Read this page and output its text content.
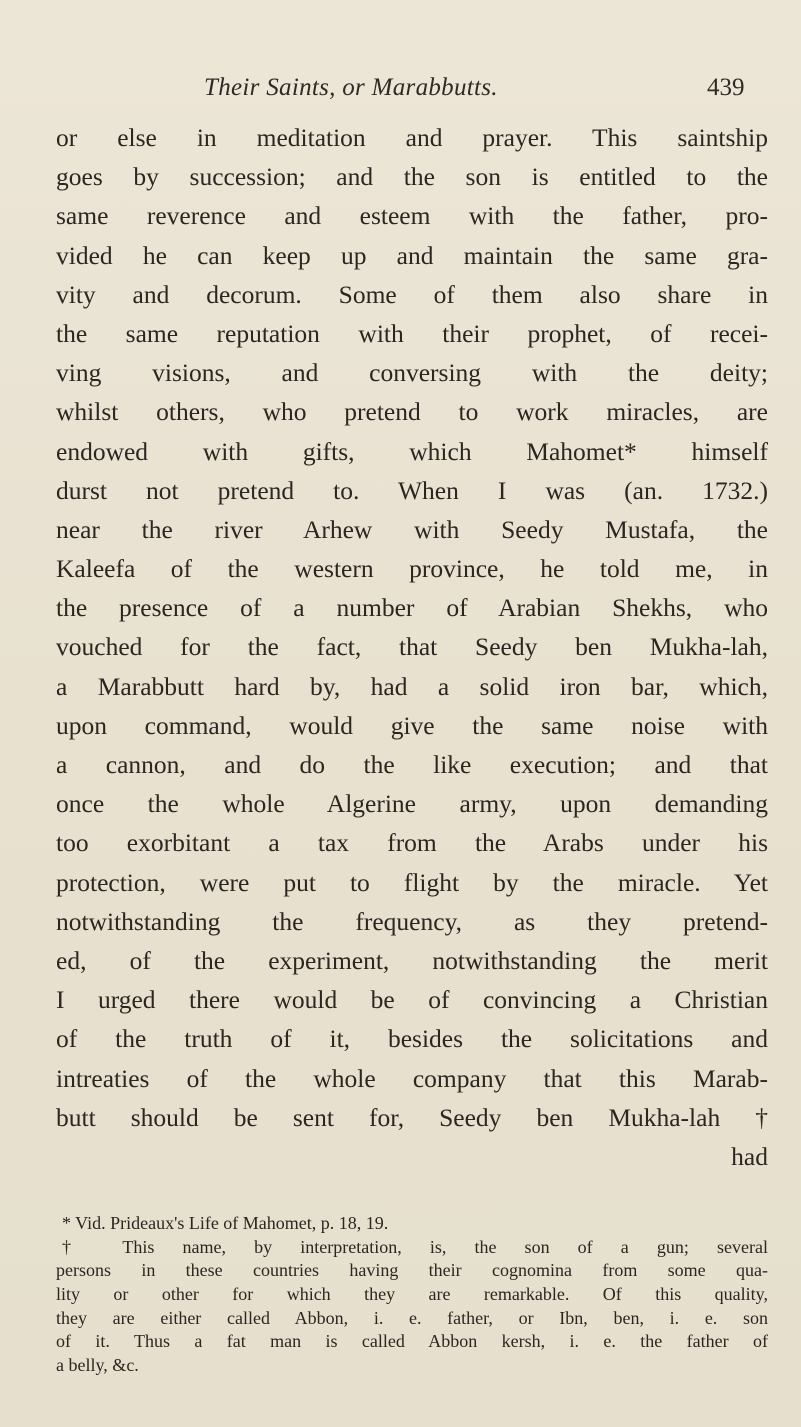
Their Saints, or Marabbutts.	439
or else in meditation and prayer. This saintship
goes by succession; and the son is entitled to the
same reverence and esteem with the father, pro-
vided he can keep up and maintain the same gra-
vity and decorum. Some of them also share in
the same reputation with their prophet, of recei-
ving visions, and conversing with the deity;
whilst others, who pretend to work miracles, are
endowed with gifts, which Mahomet* himself
durst not pretend to. When I was (an. 1732.)
near the river Arhew with Seedy Mustafa, the
Kaleefa of the western province, he told me, in
the presence of a number of Arabian Shekhs, who
vouched for the fact, that Seedy ben Mukha-lah,
a Marabbutt hard by, had a solid iron bar, which,
upon command, would give the same noise with
a cannon, and do the like execution; and that
once the whole Algerine army, upon demanding
too exorbitant a tax from the Arabs under his
protection, were put to flight by the miracle. Yet
notwithstanding the frequency, as they pretend-
ed, of the experiment, notwithstanding the merit
I urged there would be of convincing a Christian
of the truth of it, besides the solicitations and
intreaties of the whole company that this Marab-
butt should be sent for, Seedy ben Mukha-lah †
had
* Vid. Prideaux's Life of Mahomet, p. 18, 19.
† This name, by interpretation, is, the son of a gun; several
persons in these countries having their cognomina from some qua-
lity or other for which they are remarkable. Of this quality,
they are either called Abbon, i. e. father, or Ibn, ben, i. e. son
of it. Thus a fat man is called Abbon kersh, i. e. the father of
a belly, &c.
